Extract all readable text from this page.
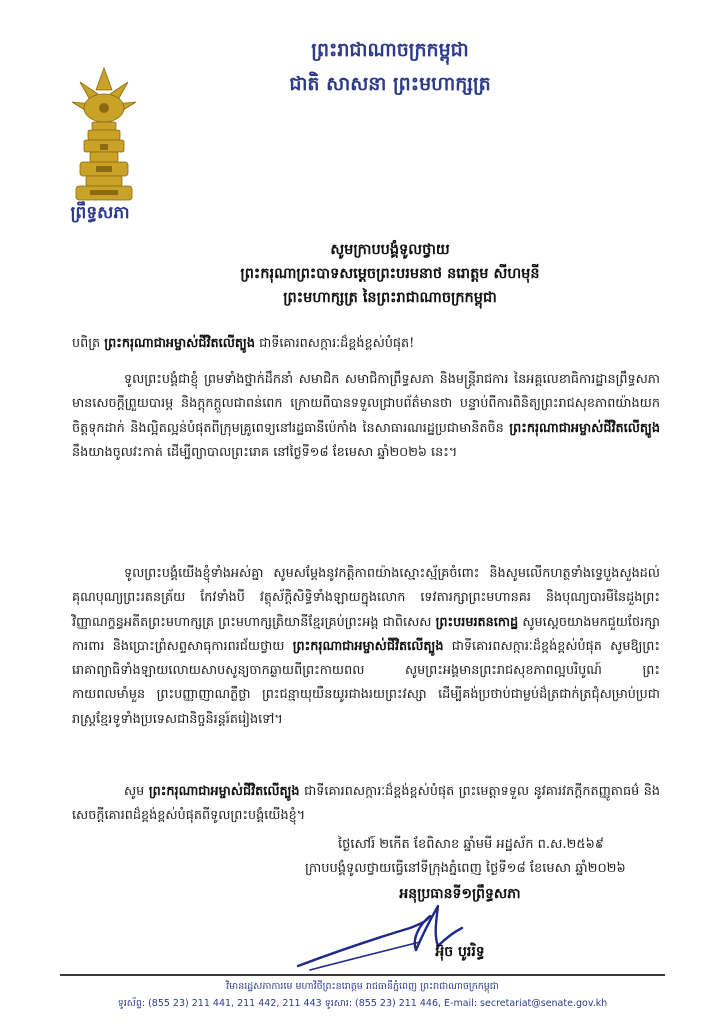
ព្រឹទ្ធសភា
ព្រះរាជាណាចក្រកម្ពុជា
ជាតិ សាសនា ព្រះមហាក្សត្រ
សូមក្រាបបង្គំទូលថ្វាយ
ព្រះករុណាព្រះបាទសម្តេចព្រះបរមនាថ នរោត្តម សីហមុនី
ព្រះមហាក្សត្រ នៃព្រះរាជាណាចក្រកម្ពុជា
បពិត្រ ព្រះករុណាជាអម្ចាស់ជីវិតលើត្បូង ជាទីគោរពសក្ការៈដ៏ខ្ពង់ខ្ពស់បំផុត!
ទូលព្រះបង្គំជាខ្ញុំ ព្រមទាំងថ្នាក់ដឹកនាំ សមាជិក សមាជិកាព្រឹទ្ធសភា និងមន្ត្រីរាជការ នៃអគ្គលេខាធិការដ្ឋានព្រឹទ្ធសភា មានសេចក្តីព្រួយបារម្ភ និងក្តុកក្តួលជាពន់ពេក ក្រោយពីបានទទួលជ្រាបព័ត៌មានថា បន្ទាប់ពីការពិនិត្យព្រះរាជសុខភាពយ៉ាងយកចិត្តទុកដាក់ និងល្អិតល្អន់បំផុតពីក្រុមគ្រូពេទ្យនៅរដ្ឋធានីប៉េកាំង នៃសាធារណរដ្ឋប្រជាមានិតចិន ព្រះករុណាជាអម្ចាស់ជីវិតលើត្បូង នឹងយាងចូលវះកាត់ ដើម្បីព្យាបាលព្រះរោគ នៅថ្ងៃទី១៨ ខែមេសា ឆ្នាំ២០២៦ នេះ។
ទូលព្រះបង្គំយើងខ្ញុំទាំងអស់គ្នា សូមសម្តែងនូវកត្តិកាពយ៉ាងស្មោះស្ម័គ្រចំពោះ និងសូមលើកហត្ថទាំងទ្វេបួងសួងដល់គុណបុណ្យព្រះរតនត្រ័យ កែវទាំងបី វត្ថុស័ក្តិសិទ្ធិទាំងឡាយក្នុងលោក ទេវតារក្សាព្រះមហានគរ និងបុណ្យបារមីនៃដួងព្រះវិញ្ញាណក្ខន្ធអតីតព្រះមហាក្សត្រ ព្រះមហាក្សត្រិយានីខ្មែរគ្រប់ព្រះអង្គ ជាពិសេស ព្រះបរមរតនកោដ្ឋ សូមស្តេចយាងមកជួយថែរក្សាការពារ និងប្រោះព្រំសព្ទសាធុការពរជ័យថ្វាយ ព្រះករុណាជាអម្ចាស់ជីវិតលើត្បូង ជាទីគោរពសក្ការៈដ៏ខ្ពង់ខ្ពស់បំផុត សូមឱ្យព្រះរោគាព្យាធិទាំងឡាយលោយសាបសូន្យចាកឆ្ងាយពីព្រះកាយពល សូមព្រះអង្គមានព្រះរាជសុខភាពល្អបរិបូណ៍ ព្រះកាយពលមាំមួន ព្រះបញ្ញាញាណភ្លឺថ្លា ព្រះជន្មាយុយឺនយូរជាងរយព្រះវស្សា ដើម្បីគង់ប្រថាប់ជាម្លប់ដ៏ត្រជាក់ត្រជុំសម្រាប់ប្រជារាស្ត្រខ្មែរទូទាំងប្រទេសជានិច្ចនិរន្តរ៍តរៀងទៅ។
សូម ព្រះករុណាជាអម្ចាស់ជីវិតលើត្បូង ជាទីគោរពសក្ការៈដ៏ខ្ពង់ខ្ពស់បំផុត ព្រះមេត្តាទទួល នូវគារវភក្តីកតញ្ញូតាធម៌ និងសេចក្តីគោរពដ៏ខ្ពង់ខ្ពស់បំផុតពីទូលព្រះបង្គំយើងខ្ញុំ។
ថ្ងៃសៅរ៍ ២កើត ខែពិសាខ ឆ្នាំមមី អដ្ឋស័ក ព.ស.២៥៦៩
ក្រាបបង្គំទូលថ្វាយធ្វើនៅទីក្រុងភ្នំពេញ ថ្ងៃទី១៨ ខែមេសា ឆ្នាំ២០២៦
អនុប្រធានទី១ព្រឹទ្ធសភា
អ៊ុច បូររិទ្ធ
វិមានរដ្ឋសភាការមេ មហាវិថីព្រះនរោត្តម រាជធានីភ្នំពេញ ព្រះរាជាណាចក្រកម្ពុជា
ទូរស័ព្ទ: (855 23) 211 441, 211 442, 211 443 ទូរសារ: (855 23) 211 446, E-mail: secretariat@senate.gov.kh
